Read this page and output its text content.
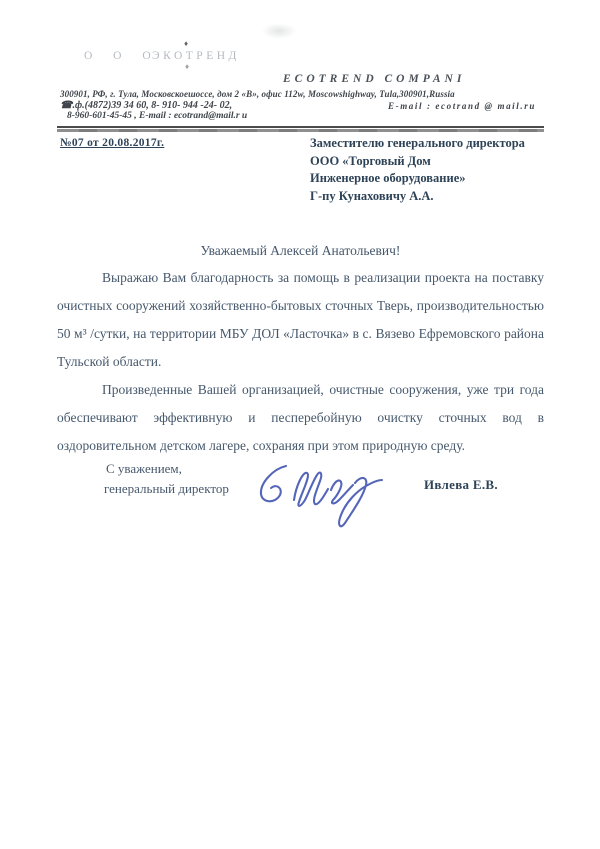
О О О
ЭКОТРЕНД
♦
♦
ECOTREND COMPANI
300901, РФ, г. Тула, Московскоешоссе, дом 2 «В», офис 112w, Moscowshighway, Tula,300901,Russia
☎.ф.(4872)39 34 60, 8- 910- 944 -24- 02,	E-mail : ecotrand @ mail.ru
8-960-601-45-45 , E-mail : ecotrand@mail.r u
№07 от 20.08.2017г.	Заместителю генерального директора
ООО «Торговый Дом
Инженерное оборудование»
Г-пу Кунаховичу А.А.
Уважаемый Алексей Анатольевич!

Выражаю Вам благодарность за помощь в реализации проекта на поставку очистных сооружений хозяйственно-бытовых сточных Тверь, производительностью 50 м³ /сутки, на территории МБУ ДОЛ «Ласточка» в с. Вязево Ефремовского района Тульской области.

Произведенные Вашей организацией, очистные сооружения, уже три года обеспечивают эффективную и песперебойную очистку сточных вод в оздоровительном детском лагере, сохраняя при этом природную среду.

С уважением,
генеральный директор	Ивлева Е.В.
